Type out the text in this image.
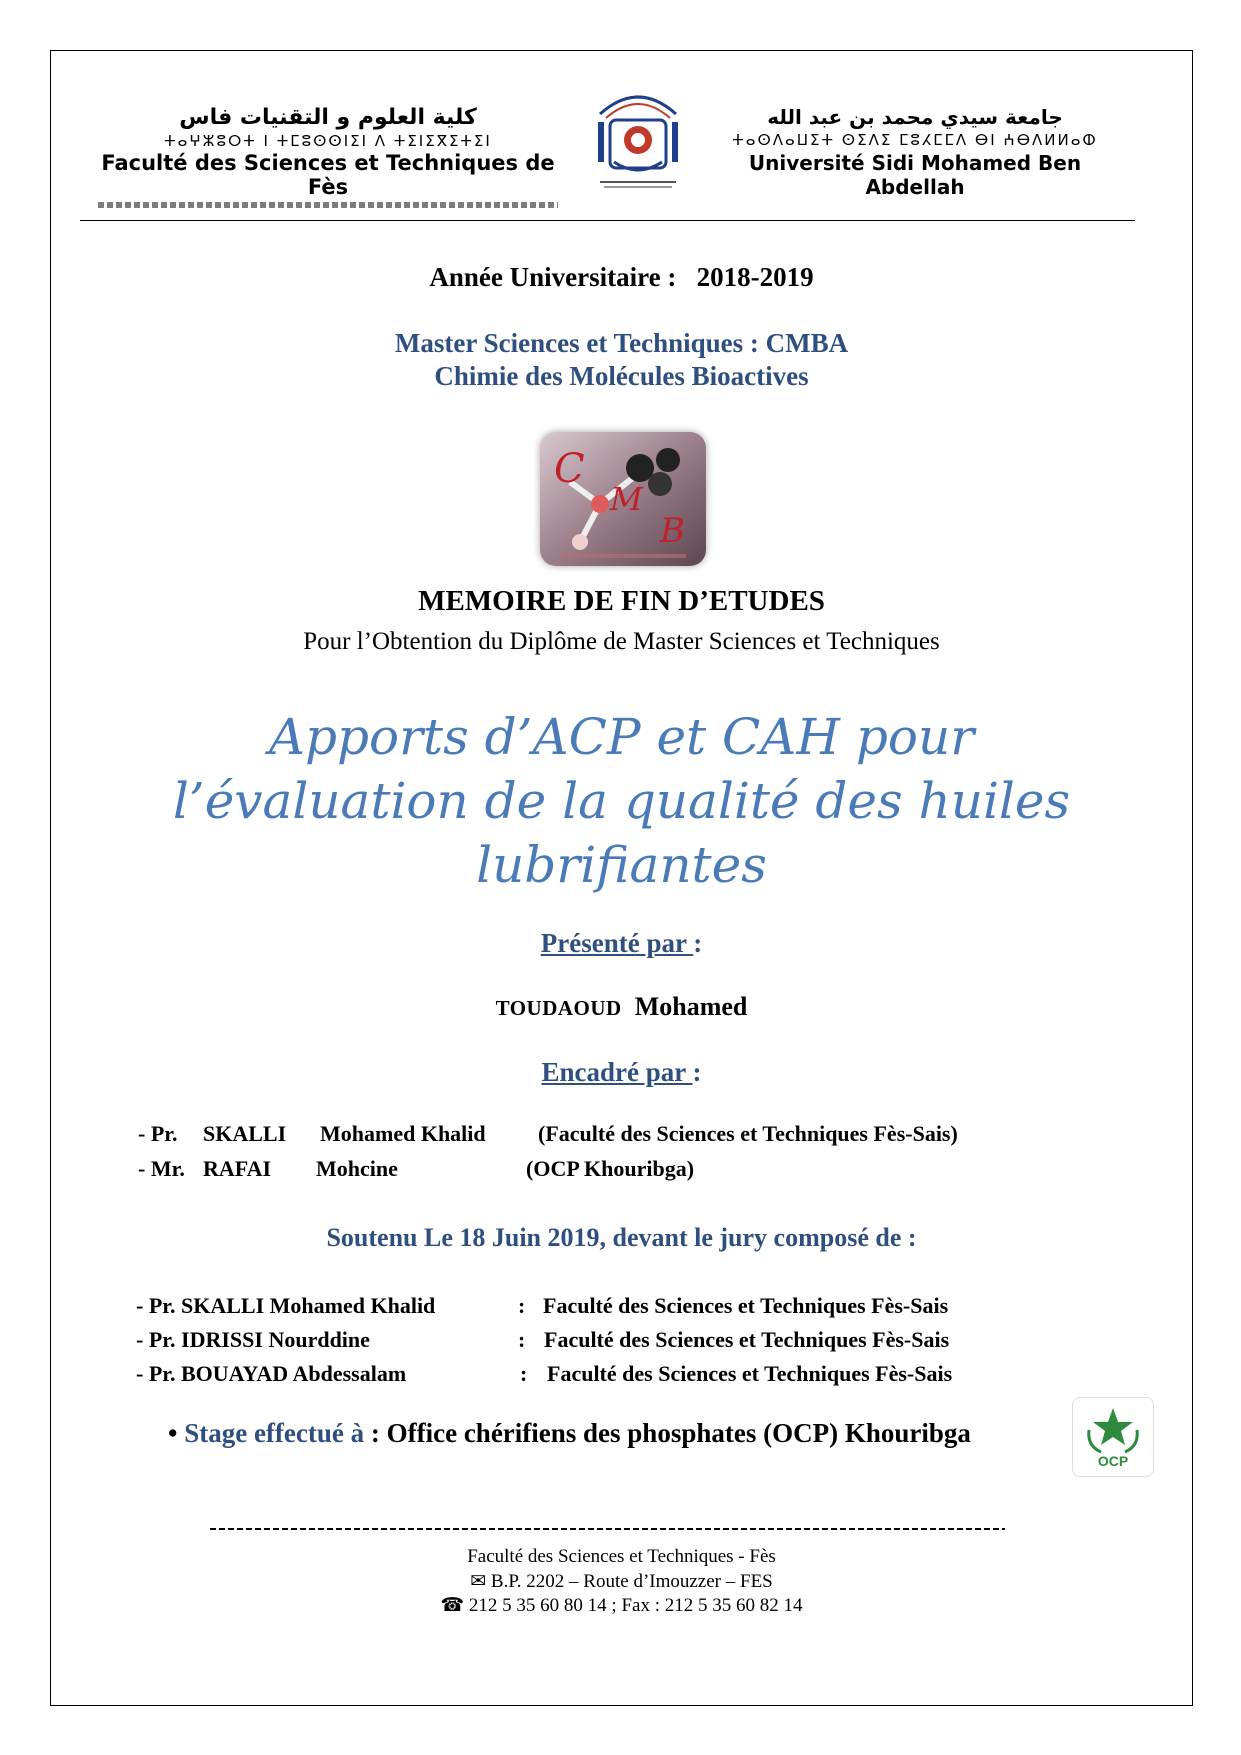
كلية العلوم و التقنيات فاس
ⵜⴰⵖⵣⵓⵔⵜ Ⅰ ⵜⵎⵓⵙⵙⵏⵉⵏ ⴷ ⵜⵉⵏⵉⴳⵉⵜⵉⵏ
Faculté des Sciences et Techniques de Fès
جامعة سيدي محمد بن عبد الله
ⵜⴰⵙⴷⴰⵡⵉⵜ ⵙⵉⴷⵉ ⵎⵓⵃⵎⵎⴷ ⴱⵏ ⵄⴱⴷⵍⵍⴰⵀ
Université Sidi Mohamed Ben Abdellah
Année Universitaire : 2018-2019
Master Sciences et Techniques : CMBA
Chimie des Molécules Bioactives
C
M
B
MEMOIRE DE FIN D’ETUDES
Pour l’Obtention du Diplôme de Master Sciences et Techniques
Apports d’ACP et CAH pour
l’évaluation de la qualité des huiles
lubrifiantes
Présenté par :
TOUDAOUD Mohamed
Encadré par :
- Pr. SKALLI Mohamed Khalid (Faculté des Sciences et Techniques Fès-Sais)
- Mr. RAFAI Mohcine	(OCP Khouribga)
Soutenu Le 18 Juin 2019, devant le jury composé de :
- Pr. SKALLI Mohamed Khalid	: Faculté des Sciences et Techniques Fès-Sais
- Pr. IDRISSI Nourddine	: Faculté des Sciences et Techniques Fès-Sais
- Pr. BOUAYAD Abdessalam	: Faculté des Sciences et Techniques Fès-Sais
• Stage effectué à : Office chérifiens des phosphates (OCP) Khouribga
OCP
Faculté des Sciences et Techniques - Fès
✉ B.P. 2202 – Route d’Imouzzer – FES
☎ 212 5 35 60 80 14 ; Fax : 212 5 35 60 82 14
